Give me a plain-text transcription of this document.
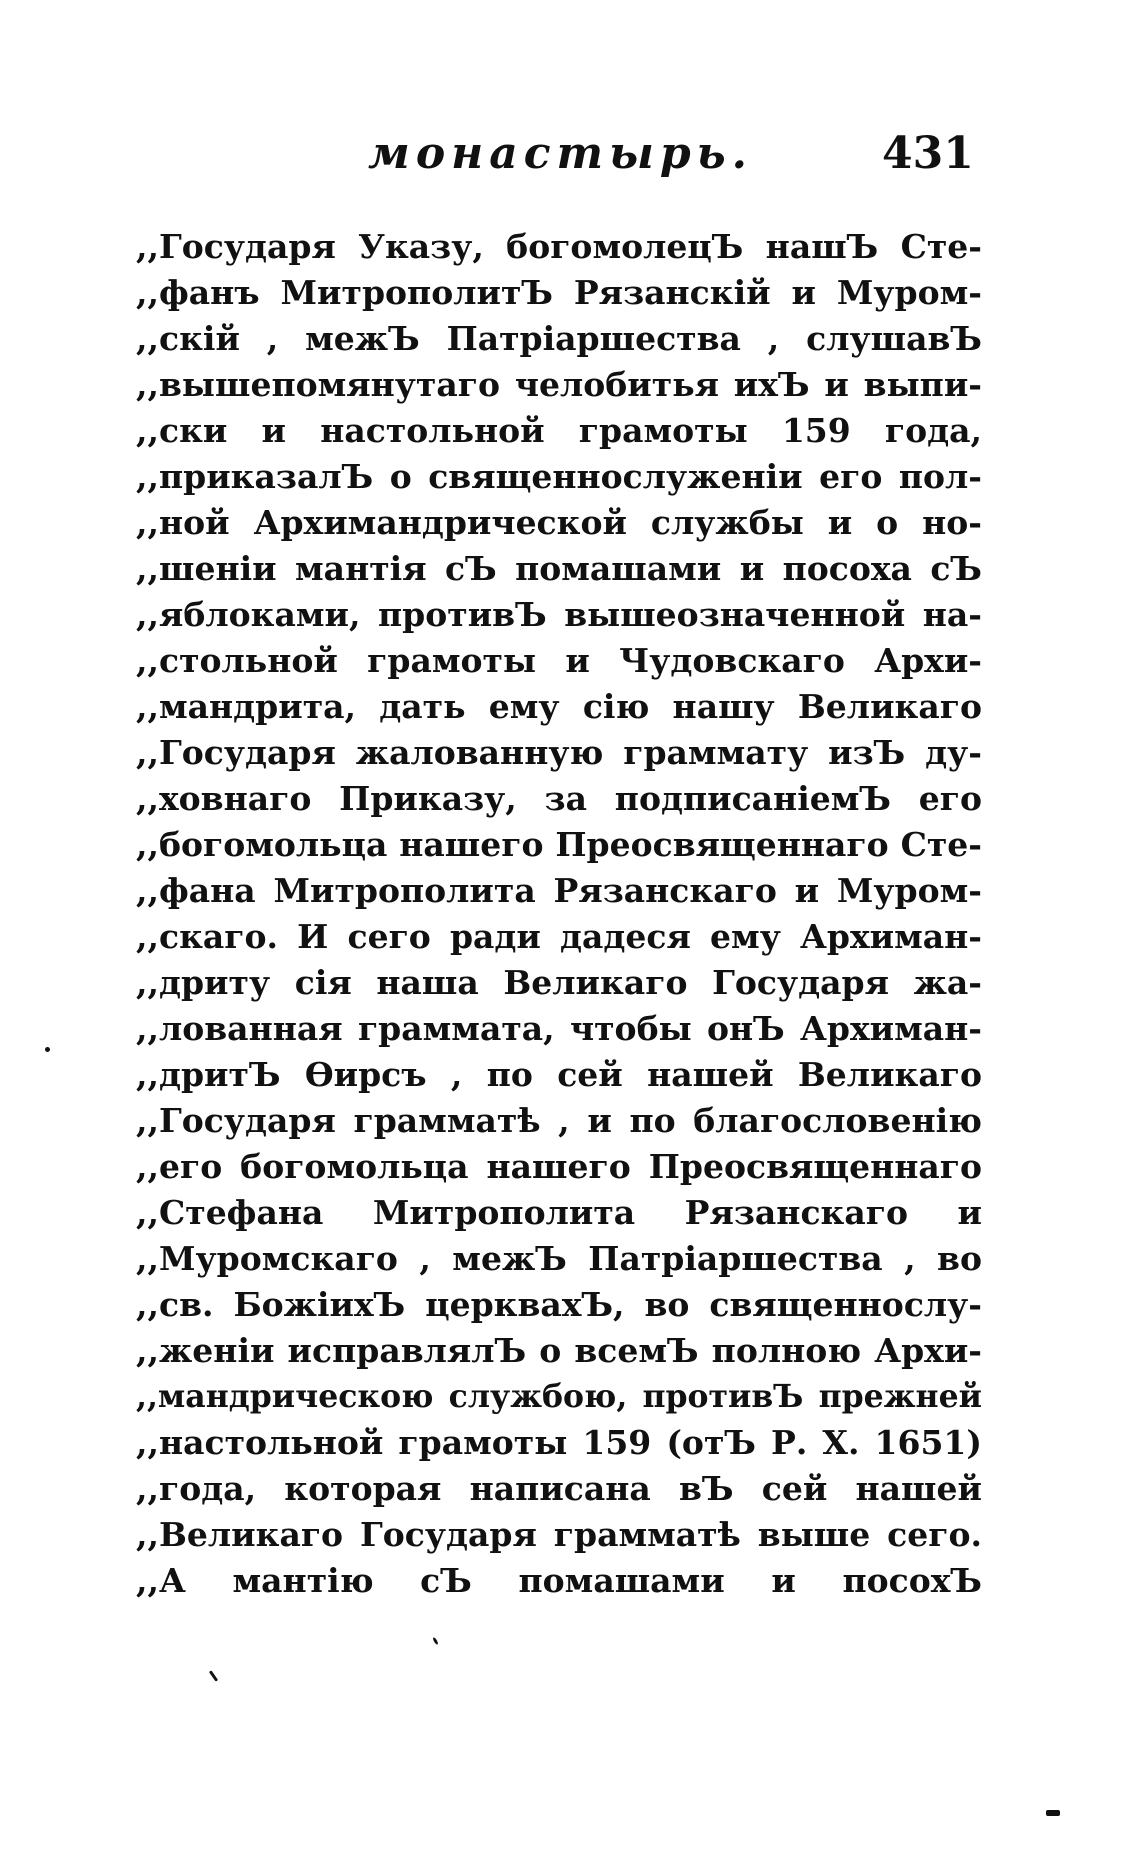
монастырь.	431
,,Государя Указу, богомолецЪ нашЪ Сте-
,,фанъ МитрополитЪ Рязанскій и Муром-
,,скій , межЪ Патріаршества , слушавЪ
,,вышепомянутаго челобитья ихЪ и выпи-
,,ски и настольной грамоты 159 года,
,,приказалЪ о священнослуженіи его пол-
,,ной Архимандрической службы и о но-
,,шеніи мантія сЪ помашами и посоха сЪ
,,яблоками, противЪ вышеозначенной на-
,,стольной грамоты и Чудовскаго Архи-
,,мандрита, дать ему сію нашу Великаго
,,Государя жалованную граммату изЪ ду-
,,ховнаго Приказу, за подписаніемЪ его
,,богомольца нашего Преосвященнаго Сте-
,,фана Митрополита Рязанскаго и Муром-
,,скаго. И сего ради дадеся ему Архиман-
,,дриту сія наша Великаго Государя жа-
,,лованная граммата, чтобы онЪ Архиман-
,,дритЪ Өирсъ , по сей нашей Великаго
,,Государя грамматѣ , и по благословенію
,,его богомольца нашего Преосвященнаго
,,Стефана Митрополита Рязанскаго и
,,Муромскаго , межЪ Патріаршества , во
,,св. БожіихЪ церквахЪ, во священнослу-
,,женіи исправлялЪ о всемЪ полною Архи-
,,мандрическою службою, противЪ прежней
,,настольной грамоты 159 (отЪ Р. Х. 1651)
,,года, которая написана вЪ сей нашей
,,Великаго Государя грамматѣ выше сего.
,,А мантію сЪ помашами и посохЪ
